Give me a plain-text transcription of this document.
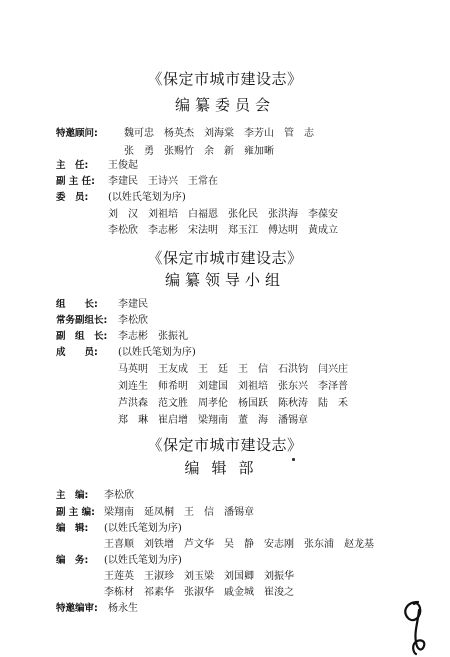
《保定市城市建设志》
编纂委员会
特邀顾问:	魏可忠　杨英杰　刘海棠　李芳山　管　志
张　勇　张赐竹　余　新　雍加晰
主　任: 王俊起
副 主 任: 李建民　王诗兴　王常在
委　员: (以姓氏笔划为序)
刘　汉　刘祖培　白福恩　张化民　张洪海　李葆安
李松欣　李志彬　宋法明　郑玉江　傅达明　黄成立
《保定市城市建设志》
编纂领导小组
组　　长: 李建民
常务副组长: 李松欣
副　组　长: 李志彬　张振礼
成　　员: (以姓氏笔划为序)
马英明　王友成　王　廷　王　信　石洪钧　闫兴庄
刘连生　师希明　刘建国　刘祖培　张东兴　李泽普
芦洪森　范文胜　周孝伦　杨国跃　陈秋涛　陆　禾
郑　琳　崔启增　梁翔南　董　海　潘锡章
《保定市城市建设志》
编辑部
主　编: 李松欣
副 主 编: 梁翔南　延凤桐　王　信　潘锡章
编　辑: (以姓氏笔划为序)
王喜顺　刘铁增　芦文华　吴　静　安志刚　张东浦　赵龙基
编　务: (以姓氏笔划为序)
王莲英　王淑珍　刘玉梁　刘国卿　刘振华
李栋材　祁素华　张淑华　戚金城　崔浚之
特邀编审: 杨永生
